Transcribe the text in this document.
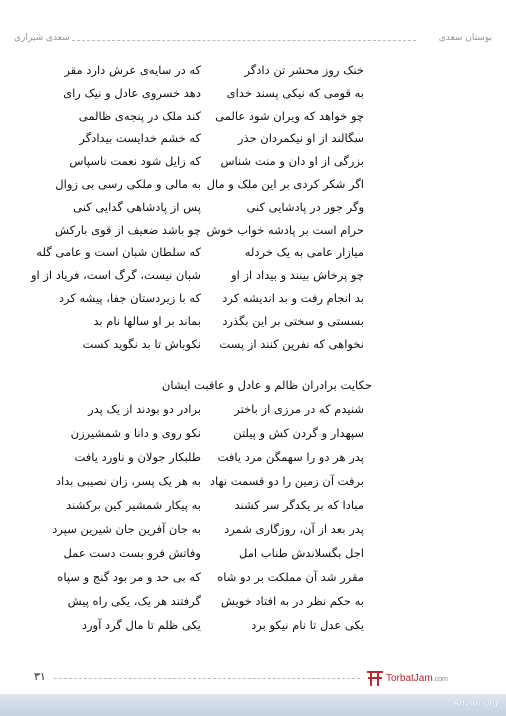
بوستان سعدی
سعدی شیرازی
خنک روز محشر تن دادگر
که در سایه‌ی عرش دارد مقر
به قومی که نیکی پسند خدای
دهد خسروی عادل و نیک رای
چو خواهد که ویران شود عالمی
کند ملک در پنجه‌ی ظالمی
سگالند از او نیکمردان حذر
که خشم خدایست بیدادگر
بزرگی از او دان و منت شناس
که زایل شود نعمت ناسپاس
اگر شکر کردی بر این ملک و مال
به مالی و ملکی رسی بی زوال
وگر جور در پادشایی کنی
پس از پادشاهی گدایی کنی
حرام است بر پادشه خواب خوش
چو باشد ضعیف از قوی بارکش
میازار عامی به یک خردله
که سلطان شبان است و عامی گله
چو پرخاش بینند و بیداد از او
شبان نیست، گرگ است، فریاد از او
بد انجام رفت و بد اندیشه کرد
که با زیردستان جفا، پیشه کرد
بسستی و سختی بر این بگذرد
بماند بر او سالها نام بد
نخواهی که نفرین کنند از پست
نکوباش تا بد نگوید کست
شنیدم که در مرزی از باختر
برادر دو بودند از یک پدر
سپهدار و گردن کش و پیلتن
نکو روی و دانا و شمشیرزن
پدر هر دو را سهمگن مرد یافت
طلبکار جولان و ناورد یافت
برفت آن زمین را دو قسمت نهاد
به هر یک پسر، زان نصیبی بداد
مبادا که بر یکدگر سر کشند
به پیکار شمشیر کین برکشند
پدر بعد از آن، روزگاری شمرد
به جان آفرین جان شیرین سپرد
اجل بگسلاندش طناب امل
وفاتش فرو بست دست عمل
مقرر شد آن مملکت بر دو شاه
که بی حد و مر بود گنج و سپاه
به حکم نظر در به افتاد خویش
گرفتند هر یک، یکی راه پیش
یکی عدل تا نام نیکو برد
یکی ظلم تا مال گرد آورد
حکایت برادران ظالم و عادل و عاقبت ایشان
۳۱	TorbatJam.com
Anvari.org
